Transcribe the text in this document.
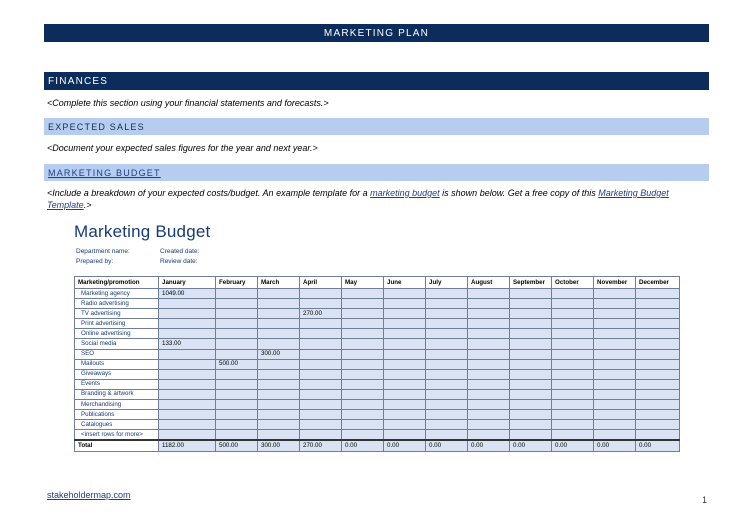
MARKETING PLAN
FINANCES
<Complete this section using your financial statements and forecasts.>
EXPECTED SALES
<Document your expected sales figures for the year and next year.>
MARKETING BUDGET
<Include a breakdown of your expected costs/budget. An example template for a marketing budget is shown below. Get a free copy of this Marketing Budget Template.>
Marketing Budget
Department name:	Created date:
Prepared by:	Review date:
Marketing/promotion	January	February	March	April	May	June	July	August	September	October	November	December
Marketing agency	1049.00											
Radio advertising												
TV advertising				270.00								
Print advertising												
Online advertising												
Social media	133.00											
SEO			300.00									
Mailouts		500.00										
Giveaways												
Events												
Branding & artwork												
Merchandising												
Publications												
Catalogues												
<insert rows for more>												
Total	1182.00	500.00	300.00	270.00	0.00	0.00	0.00	0.00	0.00	0.00	0.00	0.00
stakeholdermap.com	1
